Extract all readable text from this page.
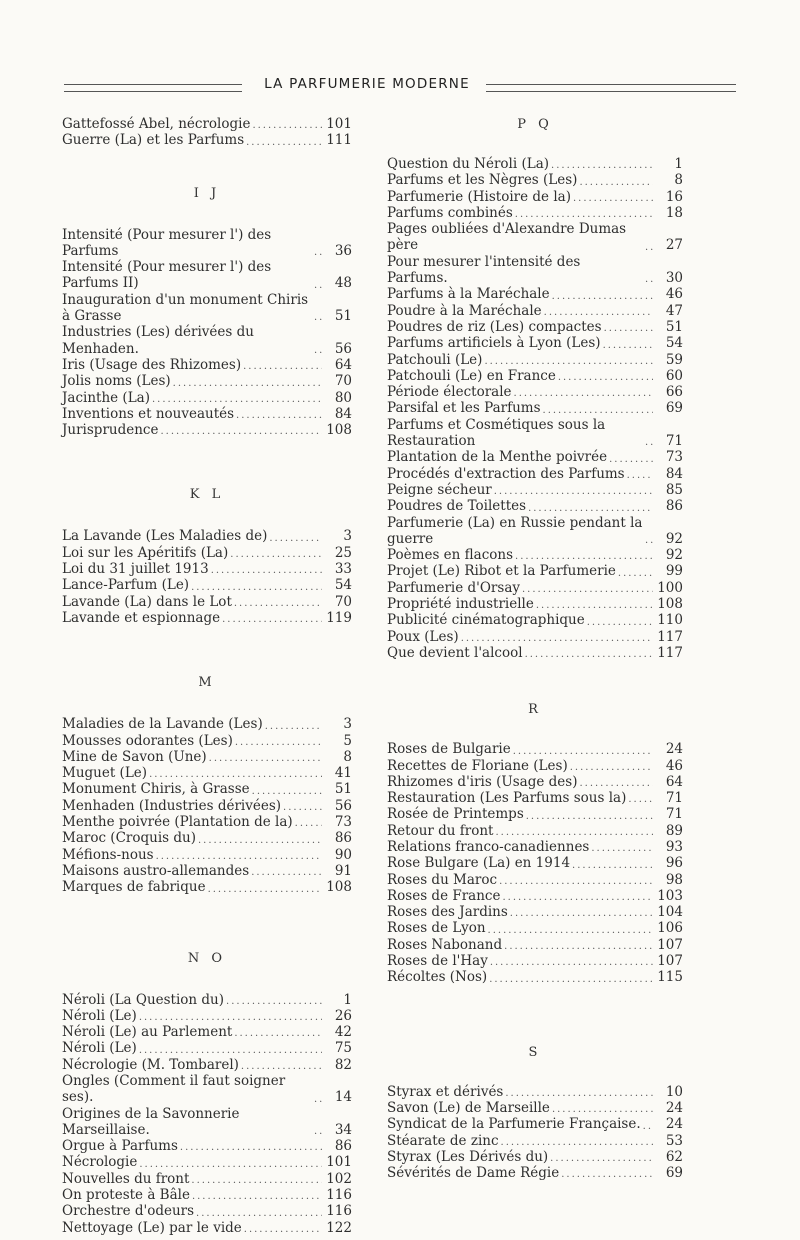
LA PARFUMERIE MODERNE
Gattefossé Abel, nécrologie .....	101
Guerre (La) et les Parfums .....	111
I J
Intensité (Pour mesurer l') des Parfums .....	36
Intensité (Pour mesurer l') des Parfums II) .....	48
Inauguration d'un monument Chiris à Grasse .....	51
Industries (Les) dérivées du Menhaden. .....	56
Iris (Usage des Rhizomes) .....	64
Jolis noms (Les) .....	70
Jacinthe (La) .....	80
Inventions et nouveautés .....	84
Jurisprudence .....	108
K L
La Lavande (Les Maladies de) .....	3
Loi sur les Apéritifs (La) .....	25
Loi du 31 juillet 1913 .....	33
Lance-Parfum (Le) .....	54
Lavande (La) dans le Lot .....	70
Lavande et espionnage .....	119
M
Maladies de la Lavande (Les) .....	3
Mousses odorantes (Les) .....	5
Mine de Savon (Une) .....	8
Muguet (Le) .....	41
Monument Chiris, à Grasse .....	51
Menhaden (Industries dérivées) .....	56
Menthe poivrée (Plantation de la) .....	73
Maroc (Croquis du) .....	86
Méfions-nous .....	90
Maisons austro-allemandes .....	91
Marques de fabrique .....	108
N O
Néroli (La Question du) .....	1
Néroli (Le) .....	26
Néroli (Le) au Parlement .....	42
Néroli (Le) .....	75
Nécrologie (M. Tombarel) .....	82
Ongles (Comment il faut soigner ses). .....	14
Origines de la Savonnerie Marseillaise. .....	34
Orgue à Parfums .....	86
Nécrologie .....	101
Nouvelles du front .....	102
On proteste à Bâle .....	116
Orchestre d'odeurs .....	116
Nettoyage (Le) par le vide .....	122
P Q
Question du Néroli (La) .....	1
Parfums et les Nègres (Les) .....	8
Parfumerie (Histoire de la) .....	16
Parfums combinés .....	18
Pages oubliées d'Alexandre Dumas père .....	27
Pour mesurer l'intensité des Parfums. .....	30
Parfums à la Maréchale .....	46
Poudre à la Maréchale .....	47
Poudres de riz (Les) compactes .....	51
Parfums artificiels à Lyon (Les) .....	54
Patchouli (Le) .....	59
Patchouli (Le) en France .....	60
Période électorale .....	66
Parsifal et les Parfums .....	69
Parfums et Cosmétiques sous la Restauration .....	71
Plantation de la Menthe poivrée .....	73
Procédés d'extraction des Parfums .....	84
Peigne sécheur .....	85
Poudres de Toilettes .....	86
Parfumerie (La) en Russie pendant la guerre .....	92
Poèmes en flacons .....	92
Projet (Le) Ribot et la Parfumerie .....	99
Parfumerie d'Orsay .....	100
Propriété industrielle .....	108
Publicité cinématographique .....	110
Poux (Les) .....	117
Que devient l'alcool .....	117
R
Roses de Bulgarie .....	24
Recettes de Floriane (Les) .....	46
Rhizomes d'iris (Usage des) .....	64
Restauration (Les Parfums sous la) .....	71
Rosée de Printemps .....	71
Retour du front .....	89
Relations franco-canadiennes .....	93
Rose Bulgare (La) en 1914 .....	96
Roses du Maroc .....	98
Roses de France .....	103
Roses des Jardins .....	104
Roses de Lyon .....	106
Roses Nabonand .....	107
Roses de l'Hay .....	107
Récoltes (Nos) .....	115
S
Styrax et dérivés .....	10
Savon (Le) de Marseille .....	24
Syndicat de la Parfumerie Française. .....	24
Stéarate de zinc .....	53
Styrax (Les Dérivés du) .....	62
Sévérités de Dame Régie .....	69
